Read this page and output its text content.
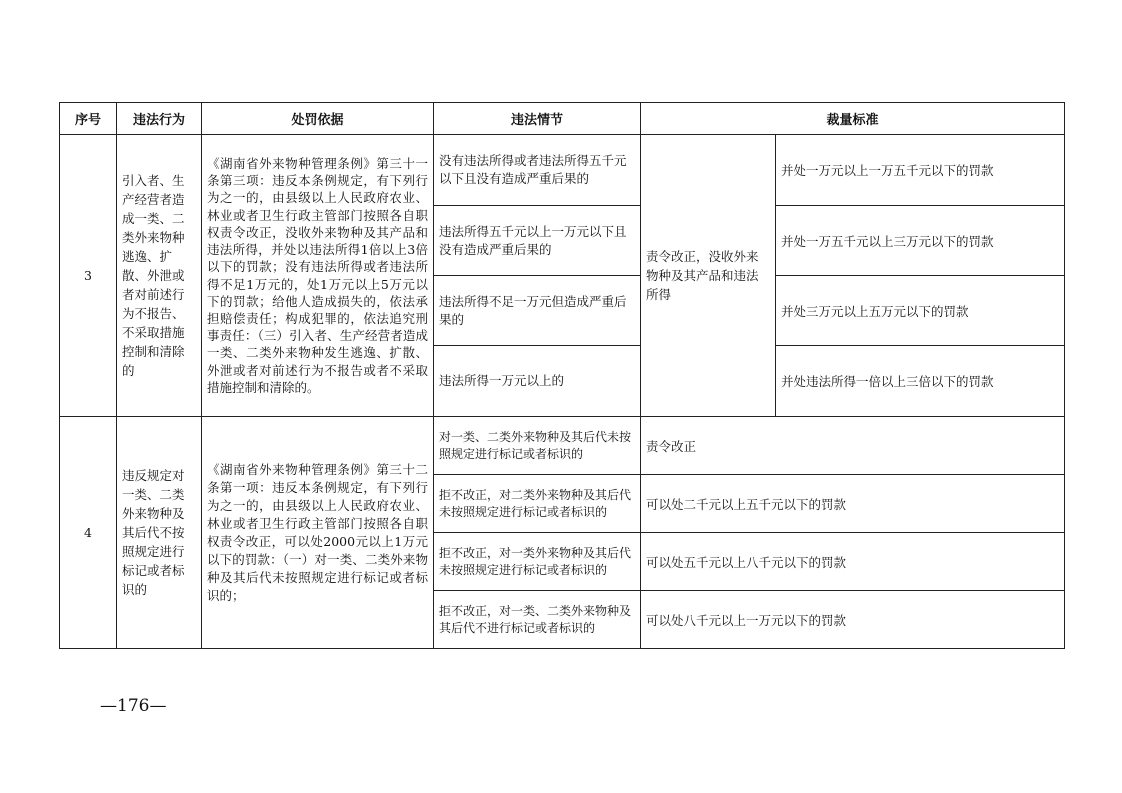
序号	违法行为	处罚依据	违法情节	裁量标准	
3	引入者、生产经营者造成一类、二类外来物种逃逸、扩散、外泄或者对前述行为不报告、不采取措施控制和清除的	《湖南省外来物种管理条例》第三十一条第三项：违反本条例规定，有下列行为之一的，由县级以上人民政府农业、林业或者卫生行政主管部门按照各自职权责令改正，没收外来物种及其产品和违法所得，并处以违法所得1倍以上3倍以下的罚款；没有违法所得或者违法所得不足1万元的，处1万元以上5万元以下的罚款；给他人造成损失的，依法承担赔偿责任；构成犯罪的，依法追究刑事责任：（三）引入者、生产经营者造成一类、二类外来物种发生逃逸、扩散、外泄或者对前述行为不报告或者不采取措施控制和清除的。	没有违法所得或者违法所得五千元以下且没有造成严重后果的	责令改正，没收外来物种及其产品和违法所得	并处一万元以上一万五千元以下的罚款
			违法所得五千元以上一万元以下且没有造成严重后果的		并处一万五千元以上三万元以下的罚款
			违法所得不足一万元但造成严重后果的		并处三万元以上五万元以下的罚款
			违法所得一万元以上的		并处违法所得一倍以上三倍以下的罚款
4	违反规定对一类、二类外来物种及其后代不按照规定进行标记或者标识的	《湖南省外来物种管理条例》第三十二条第一项：违反本条例规定，有下列行为之一的，由县级以上人民政府农业、林业或者卫生行政主管部门按照各自职权责令改正，可以处2000元以上1万元以下的罚款：（一）对一类、二类外来物种及其后代未按照规定进行标记或者标识的；	对一类、二类外来物种及其后代未按照规定进行标记或者标识的	责令改正	
			拒不改正，对二类外来物种及其后代未按照规定进行标记或者标识的	可以处二千元以上五千元以下的罚款	
			拒不改正，对一类外来物种及其后代未按照规定进行标记或者标识的	可以处五千元以上八千元以下的罚款	
			拒不改正，对一类、二类外来物种及其后代不进行标记或者标识的	可以处八千元以上一万元以下的罚款	
—176—
